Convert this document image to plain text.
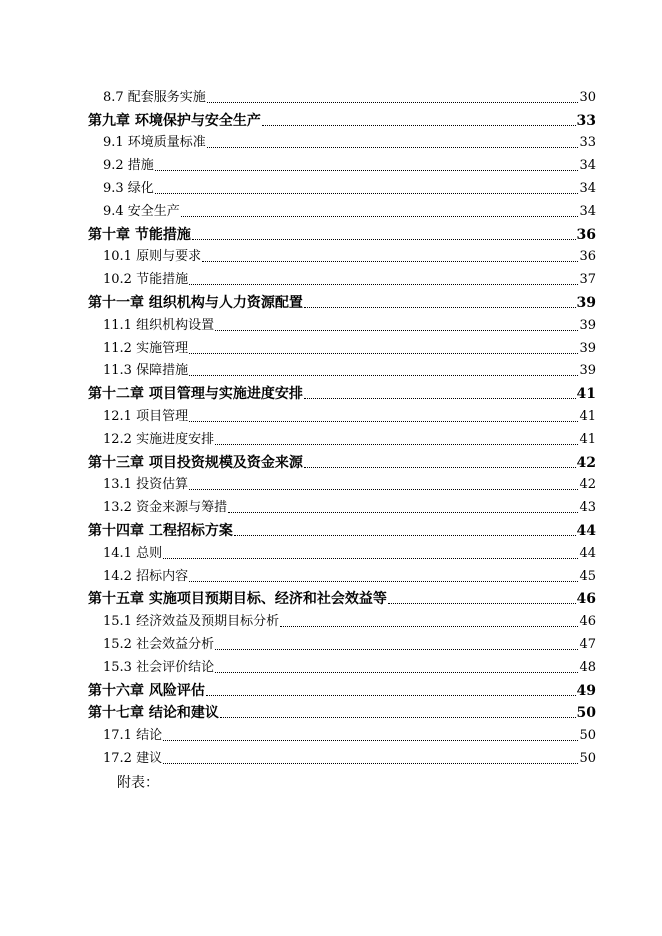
8.7 配套服务实施	30
第九章 环境保护与安全生产	33
9.1 环境质量标准	33
9.2 措施	34
9.3 绿化	34
9.4 安全生产	34
第十章 节能措施	36
10.1 原则与要求	36
10.2 节能措施	37
第十一章 组织机构与人力资源配置	39
11.1 组织机构设置	39
11.2 实施管理	39
11.3 保障措施	39
第十二章 项目管理与实施进度安排	41
12.1 项目管理	41
12.2 实施进度安排	41
第十三章 项目投资规模及资金来源	42
13.1 投资估算	42
13.2 资金来源与筹措	43
第十四章 工程招标方案	44
14.1 总则	44
14.2 招标内容	45
第十五章 实施项目预期目标、经济和社会效益等	46
15.1 经济效益及预期目标分析	46
15.2 社会效益分析	47
15.3 社会评价结论	48
第十六章 风险评估	49
第十七章 结论和建议	50
17.1 结论	50
17.2 建议	50
附表：
